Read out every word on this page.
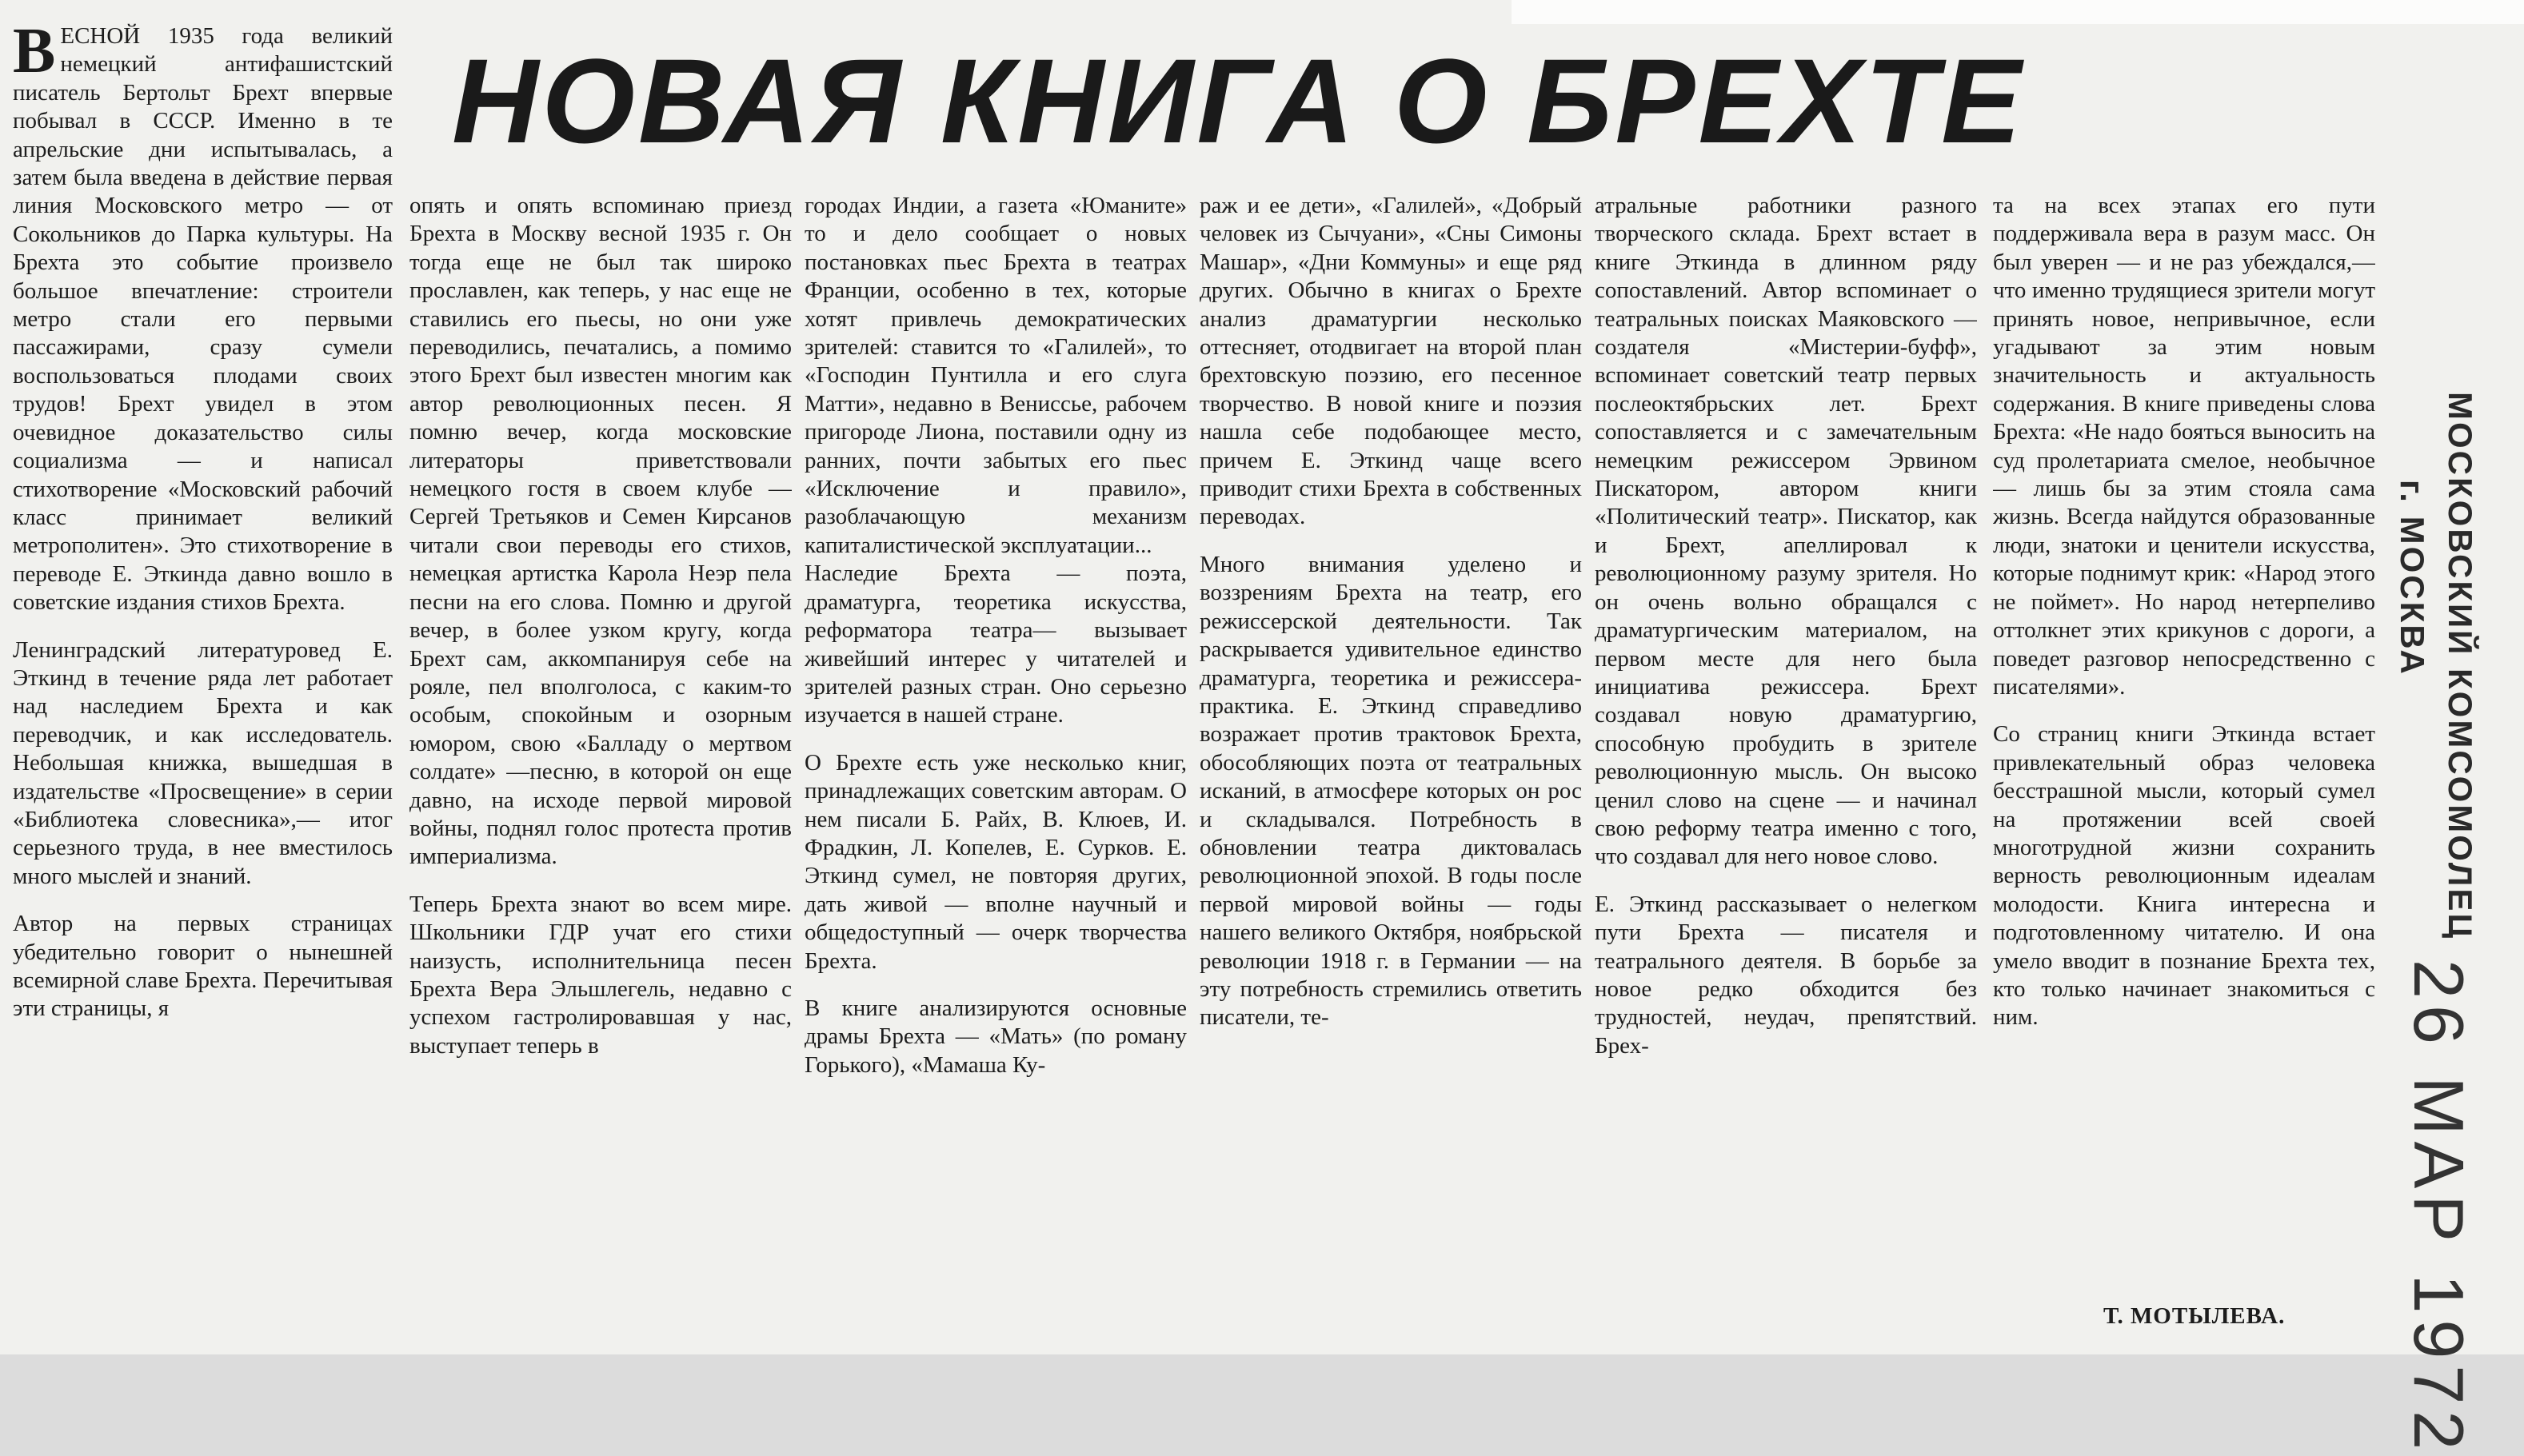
НОВАЯ КНИГА О БРЕХТЕ
В ЕСНОЙ 1935 года великий немецкий антифашистский писатель Бертольт Брехт впервые побывал в СССР. Именно в те апрельские дни испытывалась, а затем была введена в действие первая линия Московского метро — от Сокольников до Парка культуры. На Брехта это событие произвело большое впечатление: строители метро стали его первыми пассажирами, сразу сумели воспользоваться плодами своих трудов! Брехт увидел в этом очевидное доказательство силы социализма — и написал стихотворение «Московский рабочий класс принимает великий метрополитен». Это стихотворение в переводе Е. Эткинда давно вошло в советские издания стихов Брехта.

Ленинградский литературовед Е. Эткинд в течение ряда лет работает над наследием Брехта и как переводчик, и как исследователь. Небольшая книжка, вышедшая в издательстве «Просвещение» в серии «Библиотека словесника»,— итог серьезного труда, в нее вместилось много мыслей и знаний.

Автор на первых страницах убедительно говорит о нынешней всемирной славе Брехта. Перечитывая эти страницы, я

опять и опять вспоминаю приезд Брехта в Москву весной 1935 г. Он тогда еще не был так широко прославлен, как теперь, у нас еще не ставились его пьесы, но они уже переводились, печатались, а помимо этого Брехт был известен многим как автор революционных песен. Я помню вечер, когда московские литераторы приветствовали немецкого гостя в своем клубе — Сергей Третьяков и Семен Кирсанов читали свои переводы его стихов, немецкая артистка Карола Неэр пела песни на его слова. Помню и другой вечер, в более узком кругу, когда Брехт сам, аккомпанируя себе на рояле, пел вполголоса, с каким-то особым, спокойным и озорным юмором, свою «Балладу о мертвом солдате» —песню, в которой он еще давно, на исходе первой мировой войны, поднял голос протеста против империализма.

Теперь Брехта знают во всем мире. Школьники ГДР учат его стихи наизусть, исполнительница песен Брехта Вера Эльшлегель, недавно с успехом гастролировавшая у нас, выступает теперь в

городах Индии, а газета «Юманите» то и дело сообщает о новых постановках пьес Брехта в театрах Франции, особенно в тех, которые хотят привлечь демократических зрителей: ставится то «Галилей», то «Господин Пунтилла и его слуга Матти», недавно в Венисcье, рабочем пригороде Лиона, поставили одну из ранних, почти забытых его пьес «Исключение и правило», разоблачающую механизм капиталистической эксплуатации...

Наследие Брехта — поэта, драматурга, теоретика искусства, реформатора театра— вызывает живейший интерес у читателей и зрителей разных стран. Оно серьезно изучается в нашей стране.

О Брехте есть уже несколько книг, принадлежащих советским авторам. О нем писали Б. Райх, В. Клюев, И. Фрадкин, Л. Копелев, Е. Сурков. Е. Эткинд сумел, не повторяя других, дать живой — вполне научный и общедоступный — очерк творчества Брехта.

В книге анализируются основные драмы Брехта — «Мать» (по роману Горького), «Мамаша Ку-

раж и ее дети», «Галилей», «Добрый человек из Сычуани», «Сны Симоны Машар», «Дни Коммуны» и еще ряд других. Обычно в книгах о Брехте анализ драматургии несколько оттесняет, отодвигает на второй план брехтовскую поэзию, его песенное творчество. В новой книге и поэзия нашла себе подобающее место, причем Е. Эткинд чаще всего приводит стихи Брехта в собственных переводах.

Много внимания уделено и воззрениям Брехта на театр, его режиссерской деятельности. Так раскрывается удивительное единство драматурга, теоретика и режиссера-практика. Е. Эткинд справедливо возражает против трактовок Брехта, обособляющих поэта от театральных исканий, в атмосфере которых он рос и складывался. Потребность в обновлении театра диктовалась революционной эпохой. В годы после первой мировой войны — годы нашего великого Октября, ноябрьской революции 1918 г. в Германии — на эту потребность стремились ответить писатели, те-

атральные работники разного творческого склада. Брехт встает в книге Эткинда в длинном ряду сопоставлений. Автор вспоминает о театральных поисках Маяковского — создателя «Мистерии-буфф», вспоминает советский театр первых послеоктябрьских лет. Брехт сопоставляется и с замечательным немецким режиссером Эрвином Пискатором, автором книги «Политический театр». Пискатор, как и Брехт, апеллировал к революционному разуму зрителя. Но он очень вольно обращался с драматургическим материалом, на первом месте для него была инициатива режиссера. Брехт создавал новую драматургию, способную пробудить в зрителе революционную мысль. Он высоко ценил слово на сцене — и начинал свою реформу театра именно с того, что создавал для него новое слово.

Е. Эткинд рассказывает о нелегком пути Брехта — писателя и театрального деятеля. В борьбе за новое редко обходится без трудностей, неудач, препятствий. Брех-

та на всех этапах его пути поддерживала вера в разум масс. Он был уверен — и не раз убеждался,— что именно трудящиеся зрители могут принять новое, непривычное, если угадывают за этим новым значительность и актуальность содержания. В книге приведены слова Брехта: «Не надо бояться выносить на суд пролетариата смелое, необычное — лишь бы за этим стояла сама жизнь. Всегда найдутся образованные люди, знатоки и ценители искусства, которые поднимут крик: «Народ этого не поймет». Но народ нетерпеливо оттолкнет этих крикунов с дороги, а поведет разговор непосредственно с писателями».

Со страниц книги Эткинда встает привлекательный образ человека бесстрашной мысли, который сумел на протяжении всей своей многотрудной жизни сохранить верность революционным идеалам молодости. Книга интересна и подготовленному читателю. И она умело вводит в познание Брехта тех, кто только начинает знакомиться с ним.

Т. МОТЫЛЕВА.
МОСКОВСКИЙ КОМСОМОЛЕЦ
г. МОСКВА
26 МАР 1972
